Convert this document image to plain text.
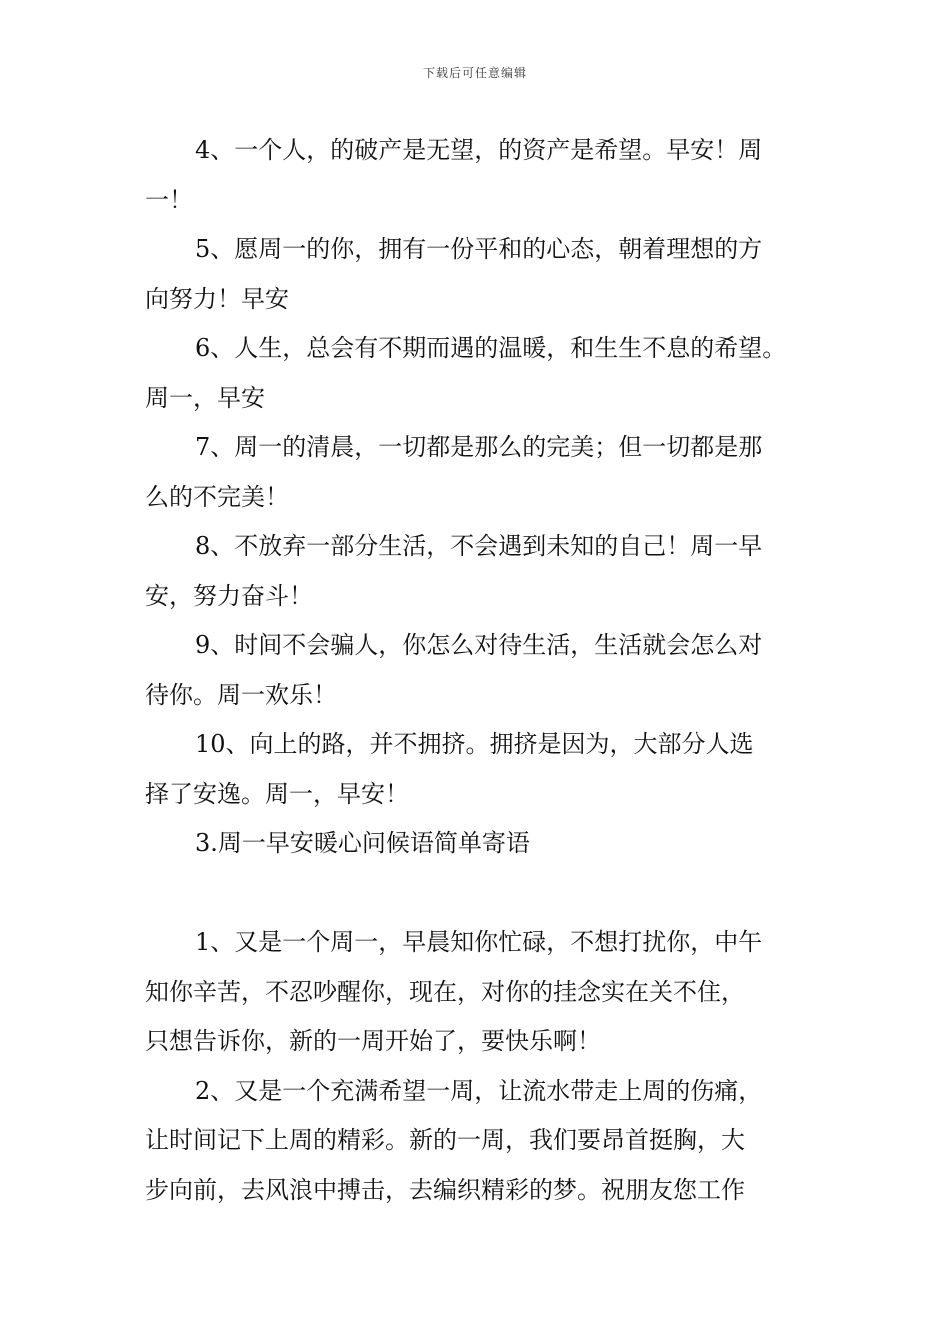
下载后可任意编辑
4、一个人，的破产是无望，的资产是希望。早安！周
一！
5、愿周一的你，拥有一份平和的心态，朝着理想的方
向努力！早安
6、人生，总会有不期而遇的温暖，和生生不息的希望。
周一，早安
7、周一的清晨，一切都是那么的完美；但一切都是那
么的不完美！
8、不放弃一部分生活，不会遇到未知的自己！周一早
安，努力奋斗！
9、时间不会骗人，你怎么对待生活，生活就会怎么对
待你。周一欢乐！
10、向上的路，并不拥挤。拥挤是因为，大部分人选
择了安逸。周一，早安！
3.周一早安暖心问候语简单寄语
1、又是一个周一，早晨知你忙碌，不想打扰你，中午
知你辛苦，不忍吵醒你，现在，对你的挂念实在关不住，
只想告诉你，新的一周开始了，要快乐啊！
2、又是一个充满希望一周，让流水带走上周的伤痛，
让时间记下上周的精彩。新的一周，我们要昂首挺胸，大
步向前，去风浪中搏击，去编织精彩的梦。祝朋友您工作
